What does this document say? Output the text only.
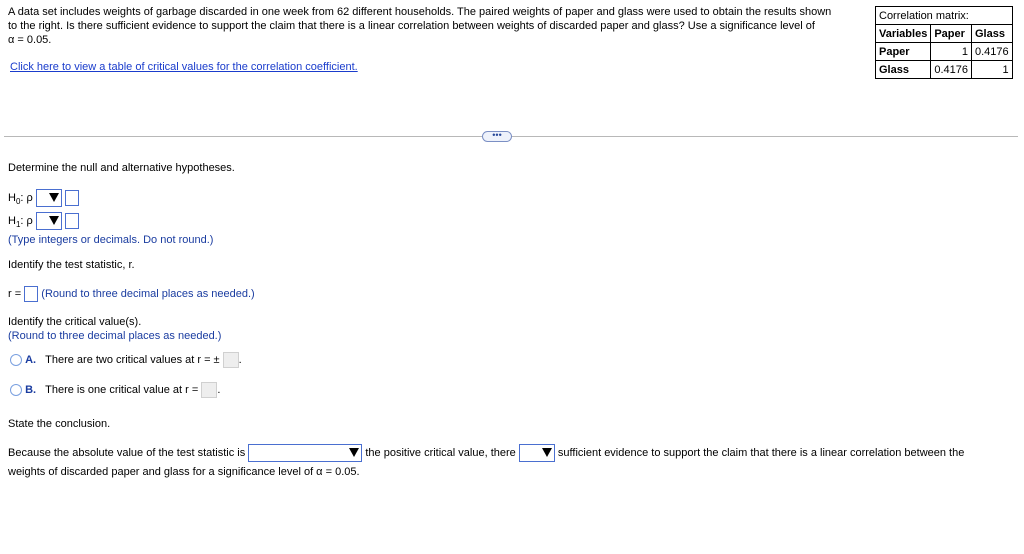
A data set includes weights of garbage discarded in one week from 62 different households. The paired weights of paper and glass were used to obtain the results shown
to the right. Is there sufficient evidence to support the claim that there is a linear correlation between weights of discarded paper and glass? Use a significance level of
α = 0.05.
Click here to view a table of critical values for the correlation coefficient.
Correlation matrix:		
Variables	Paper	Glass
Paper	1	0.4176
Glass	0.4176	1
•••
Determine the null and alternative hypotheses.
$H_0$: ρ

$H_1$: ρ

(Type integers or decimals. Do not round.)
Identify the test statistic, r.
r = (Round to three decimal places as needed.)
Identify the critical value(s).
(Round to three decimal places as needed.)
A. There are two critical values at r = ± .
B. There is one critical value at r = .
State the conclusion.
Because the absolute value of the test statistic is	the positive critical value, there	sufficient evidence to support the claim that there is a linear correlation between the
weights of discarded paper and glass for a significance level of α = 0.05.
